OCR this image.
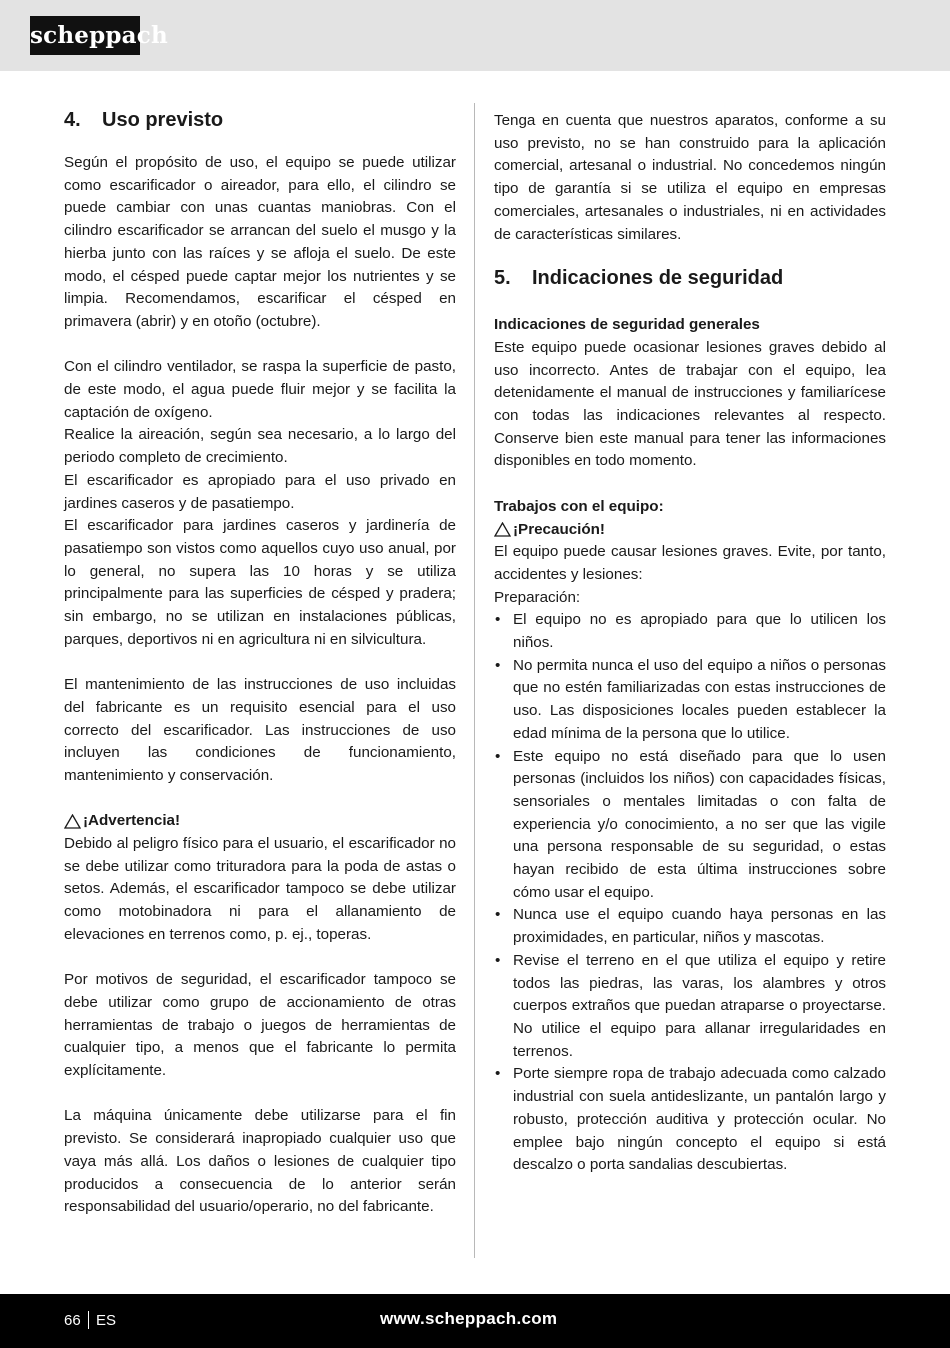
scheppach
4.	Uso previsto

Según el propósito de uso, el equipo se puede utilizar como escarificador o aireador, para ello, el cilindro se puede cambiar con unas cuantas maniobras. Con el cilindro escarificador se arrancan del suelo el musgo y la hierba junto con las raíces y se afloja el suelo. De este modo, el césped puede captar mejor los nutrientes y se limpia. Recomendamos, escarificar el césped en primavera (abrir) y en otoño (octubre).

Con el cilindro ventilador, se raspa la superficie de pasto, de este modo, el agua puede fluir mejor y se facilita la captación de oxígeno.

Realice la aireación, según sea necesario, a lo largo del periodo completo de crecimiento.

El escarificador es apropiado para el uso privado en jardines caseros y de pasatiempo.

El escarificador para jardines caseros y jardinería de pasatiempo son vistos como aquellos cuyo uso anual, por lo general, no supera las 10 horas y se utiliza principalmente para las superficies de césped y pradera; sin embargo, no se utilizan en instalaciones públicas, parques, deportivos ni en agricultura ni en silvicultura.

El mantenimiento de las instrucciones de uso incluidas del fabricante es un requisito esencial para el uso correcto del escarificador. Las instrucciones de uso incluyen las condiciones de funcionamiento, mantenimiento y conservación.

¡Advertencia!

Debido al peligro físico para el usuario, el escarificador no se debe utilizar como trituradora para la poda de astas o setos. Además, el escarificador tampoco se debe utilizar como motobinadora ni para el allanamiento de elevaciones en terrenos como, p. ej., toperas.

Por motivos de seguridad, el escarificador tampoco se debe utilizar como grupo de accionamiento de otras herramientas de trabajo o juegos de herramientas de cualquier tipo, a menos que el fabricante lo permita explícitamente.

La máquina únicamente debe utilizarse para el fin previsto. Se considerará inapropiado cualquier uso que vaya más allá. Los daños o lesiones de cualquier tipo producidos a consecuencia de lo anterior serán responsabilidad del usuario/operario, no del fabricante.

Tenga en cuenta que nuestros aparatos, conforme a su uso previsto, no se han construido para la aplicación comercial, artesanal o industrial. No concedemos ningún tipo de garantía si se utiliza el equipo en empresas comerciales, artesanales o industriales, ni en actividades de características similares.

5.	Indicaciones de seguridad
Indicaciones de seguridad generales

Este equipo puede ocasionar lesiones graves debido al uso incorrecto. Antes de trabajar con el equipo, lea detenidamente el manual de instrucciones y familiarícese con todas las indicaciones relevantes al respecto. Conserve bien este manual para tener las informaciones disponibles en todo momento.

Trabajos con el equipo:
¡Precaución!

El equipo puede causar lesiones graves. Evite, por tanto, accidentes y lesiones:

Preparación:

• El equipo no es apropiado para que lo utilicen los niños.
• No permita nunca el uso del equipo a niños o personas que no estén familiarizadas con estas instrucciones de uso. Las disposiciones locales pueden establecer la edad mínima de la persona que lo utilice.
• Este equipo no está diseñado para que lo usen personas (incluidos los niños) con capacidades físicas, sensoriales o mentales limitadas o con falta de experiencia y/o conocimiento, a no ser que las vigile una persona responsable de su seguridad, o estas hayan recibido de esta última instrucciones sobre cómo usar el equipo.
• Nunca use el equipo cuando haya personas en las proximidades, en particular, niños y mascotas.
• Revise el terreno en el que utiliza el equipo y retire todos las piedras, las varas, los alambres y otros cuerpos extraños que puedan atraparse o proyectarse. No utilice el equipo para allanar irregularidades en terrenos.
• Porte siempre ropa de trabajo adecuada como calzado industrial con suela antideslizante, un pantalón largo y robusto, protección auditiva y protección ocular. No emplee bajo ningún concepto el equipo si está descalzo o porta sandalias descubiertas.
66 ES	www.scheppach.com
